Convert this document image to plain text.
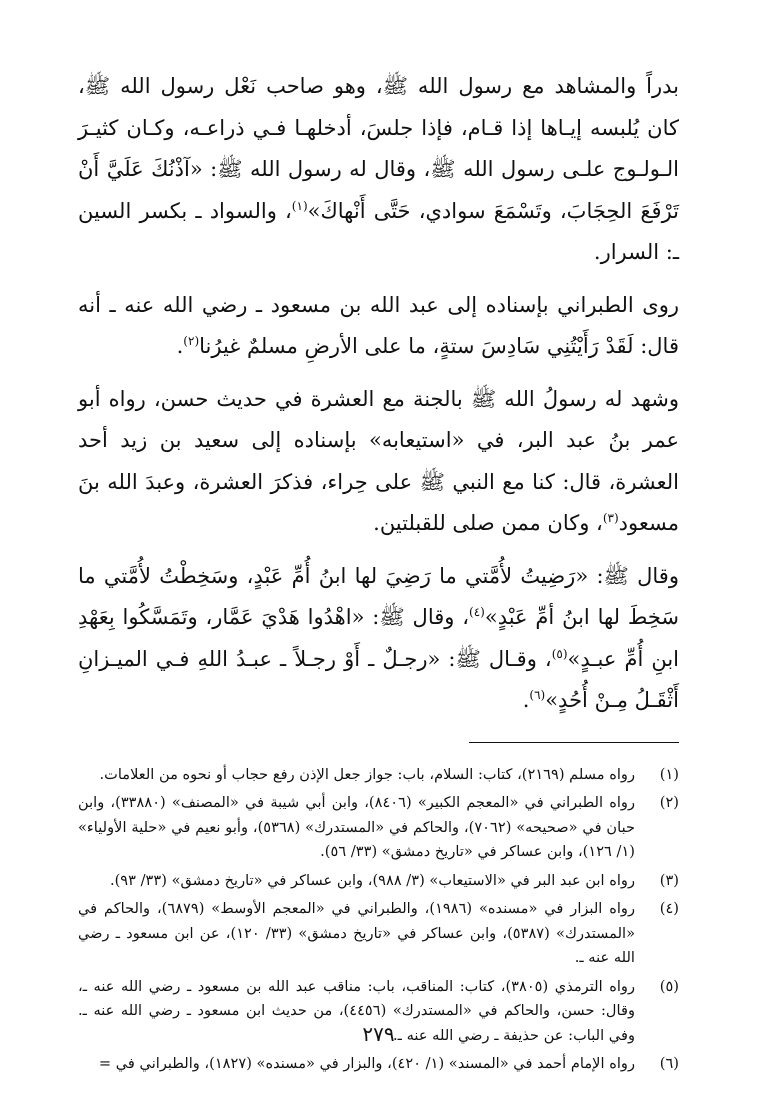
بدراً والمشاهد مع رسول الله ﷺ، وهو صاحب نَعْل رسول الله ﷺ، كان يُلبسه إيـاها إذا قـام، فإذا جلسَ، أدخلهـا فـي ذراعـه، وكـان كثيـرَ الـولـوج علـى رسول الله ﷺ، وقال له رسول الله ﷺ: «آذْنُكَ عَلَيَّ أَنْ تَرْفَعَ الحِجَابَ، وتَسْمَعَ سوادي، حَتَّى أَنْهاكَ»$^{(١)}$، والسواد ـ بكسر السين ـ: السرار.

روى الطبراني بإسناده إلى عبد الله بن مسعود ـ رضي الله عنه ـ أنه قال: لَقَدْ رَأَيْتُنِي سَادِسَ ستةٍ، ما على الأرضِ مسلمٌ غيرُنا$^{(٢)}$.

وشهد له رسولُ الله ﷺ بالجنة مع العشرة في حديث حسن، رواه أبو عمر بنُ عبد البر، في «استيعابه» بإسناده إلى سعيد بن زيد أحد العشرة، قال: كنا مع النبي ﷺ على حِراء، فذكرَ العشرة، وعبدَ الله بنَ مسعود$^{(٣)}$، وكان ممن صلى للقبلتين.

وقال ﷺ: «رَضِيتُ لأُمَّتي ما رَضِيَ لها ابنُ أُمِّ عَبْدٍ، وسَخِطْتُ لأُمَّتي ما سَخِطَ لها ابنُ أمِّ عَبْدٍ»$^{(٤)}$، وقال ﷺ: «اهْدُوا هَدْيَ عَمَّار، وتَمَسَّكُوا بِعَهْدِ ابنِ أُمِّ عبـدٍ»$^{(٥)}$، وقـال ﷺ: «رجـلٌ ـ أَوْ رجـلاً ـ عبـدُ اللهِ فـي الميـزانِ أَثْقَـلُ مِـنْ أُحُدٍ»$^{(٦)}$.

(١)
رواه مسلم (٢١٦٩)، كتاب: السلام، باب: جواز جعل الإذن رفع حجاب أو نحوه من العلامات.
(٢)
رواه الطبراني في «المعجم الكبير» (٨٤٠٦)، وابن أبي شيبة في «المصنف» (٣٣٨٨٠)، وابن حبان في «صحيحه» (٧٠٦٢)، والحاكم في «المستدرك» (٥٣٦٨)، وأبو نعيم في «حلية الأولياء» (١/ ١٢٦)، وابن عساكر في «تاريخ دمشق» (٣٣/ ٥٦).
(٣)
رواه ابن عبد البر في «الاستيعاب» (٣/ ٩٨٨)، وابن عساكر في «تاريخ دمشق» (٣٣/ ٩٣).
(٤)
رواه البزار في «مسنده» (١٩٨٦)، والطبراني في «المعجم الأوسط» (٦٨٧٩)، والحاكم في «المستدرك» (٥٣٨٧)، وابن عساكر في «تاريخ دمشق» (٣٣/ ١٢٠)، عن ابن مسعود ـ رضي الله عنه ـ.
(٥)
رواه الترمذي (٣٨٠٥)، كتاب: المناقب، باب: مناقب عبد الله بن مسعود ـ رضي الله عنه ـ، وقال: حسن، والحاكم في «المستدرك» (٤٤٥٦)، من حديث ابن مسعود ـ رضي الله عنه ـ. وفي الباب: عن حذيفة ـ رضي الله عنه ـ.
(٦)
رواه الإمام أحمد في «المسند» (١/ ٤٢٠)، والبزار في «مسنده» (١٨٢٧)، والطبراني في =
٢٧٩
